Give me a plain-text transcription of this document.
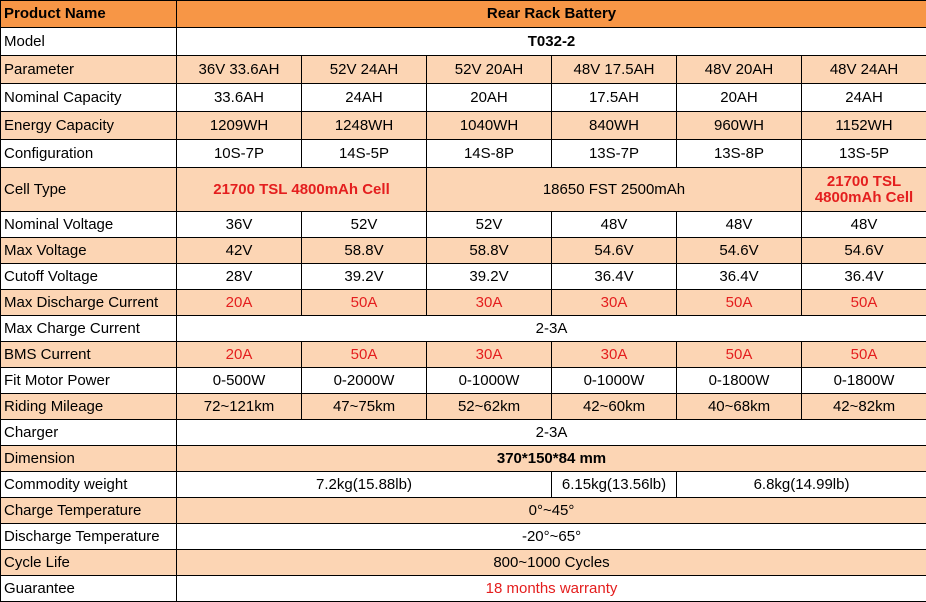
Product Name	Rear Rack Battery					
Model	T032-2					
Parameter	36V 33.6AH	52V 24AH	52V 20AH	48V 17.5AH	48V 20AH	48V 24AH
Nominal Capacity	33.6AH	24AH	20AH	17.5AH	20AH	24AH
Energy Capacity	1209WH	1248WH	1040WH	840WH	960WH	1152WH
Configuration	10S-7P	14S-5P	14S-8P	13S-7P	13S-8P	13S-5P
Cell Type	21700 TSL 4800mAh Cell		18650 FST 2500mAh			21700 TSL 4800mAh Cell
Nominal Voltage	36V	52V	52V	48V	48V	48V
Max Voltage	42V	58.8V	58.8V	54.6V	54.6V	54.6V
Cutoff Voltage	28V	39.2V	39.2V	36.4V	36.4V	36.4V
Max Discharge Current	20A	50A	30A	30A	50A	50A
Max Charge Current	2-3A					
BMS Current	20A	50A	30A	30A	50A	50A
Fit Motor Power	0-500W	0-2000W	0-1000W	0-1000W	0-1800W	0-1800W
Riding Mileage	72~121km	47~75km	52~62km	42~60km	40~68km	42~82km
Charger	2-3A					
Dimension	370*150*84 mm					
Commodity weight	7.2kg(15.88lb)			6.15kg(13.56lb)	6.8kg(14.99lb)	
Charge Temperature	0°~45°					
Discharge Temperature	-20°~65°					
Cycle Life	800~1000 Cycles					
Guarantee	18 months warranty					
